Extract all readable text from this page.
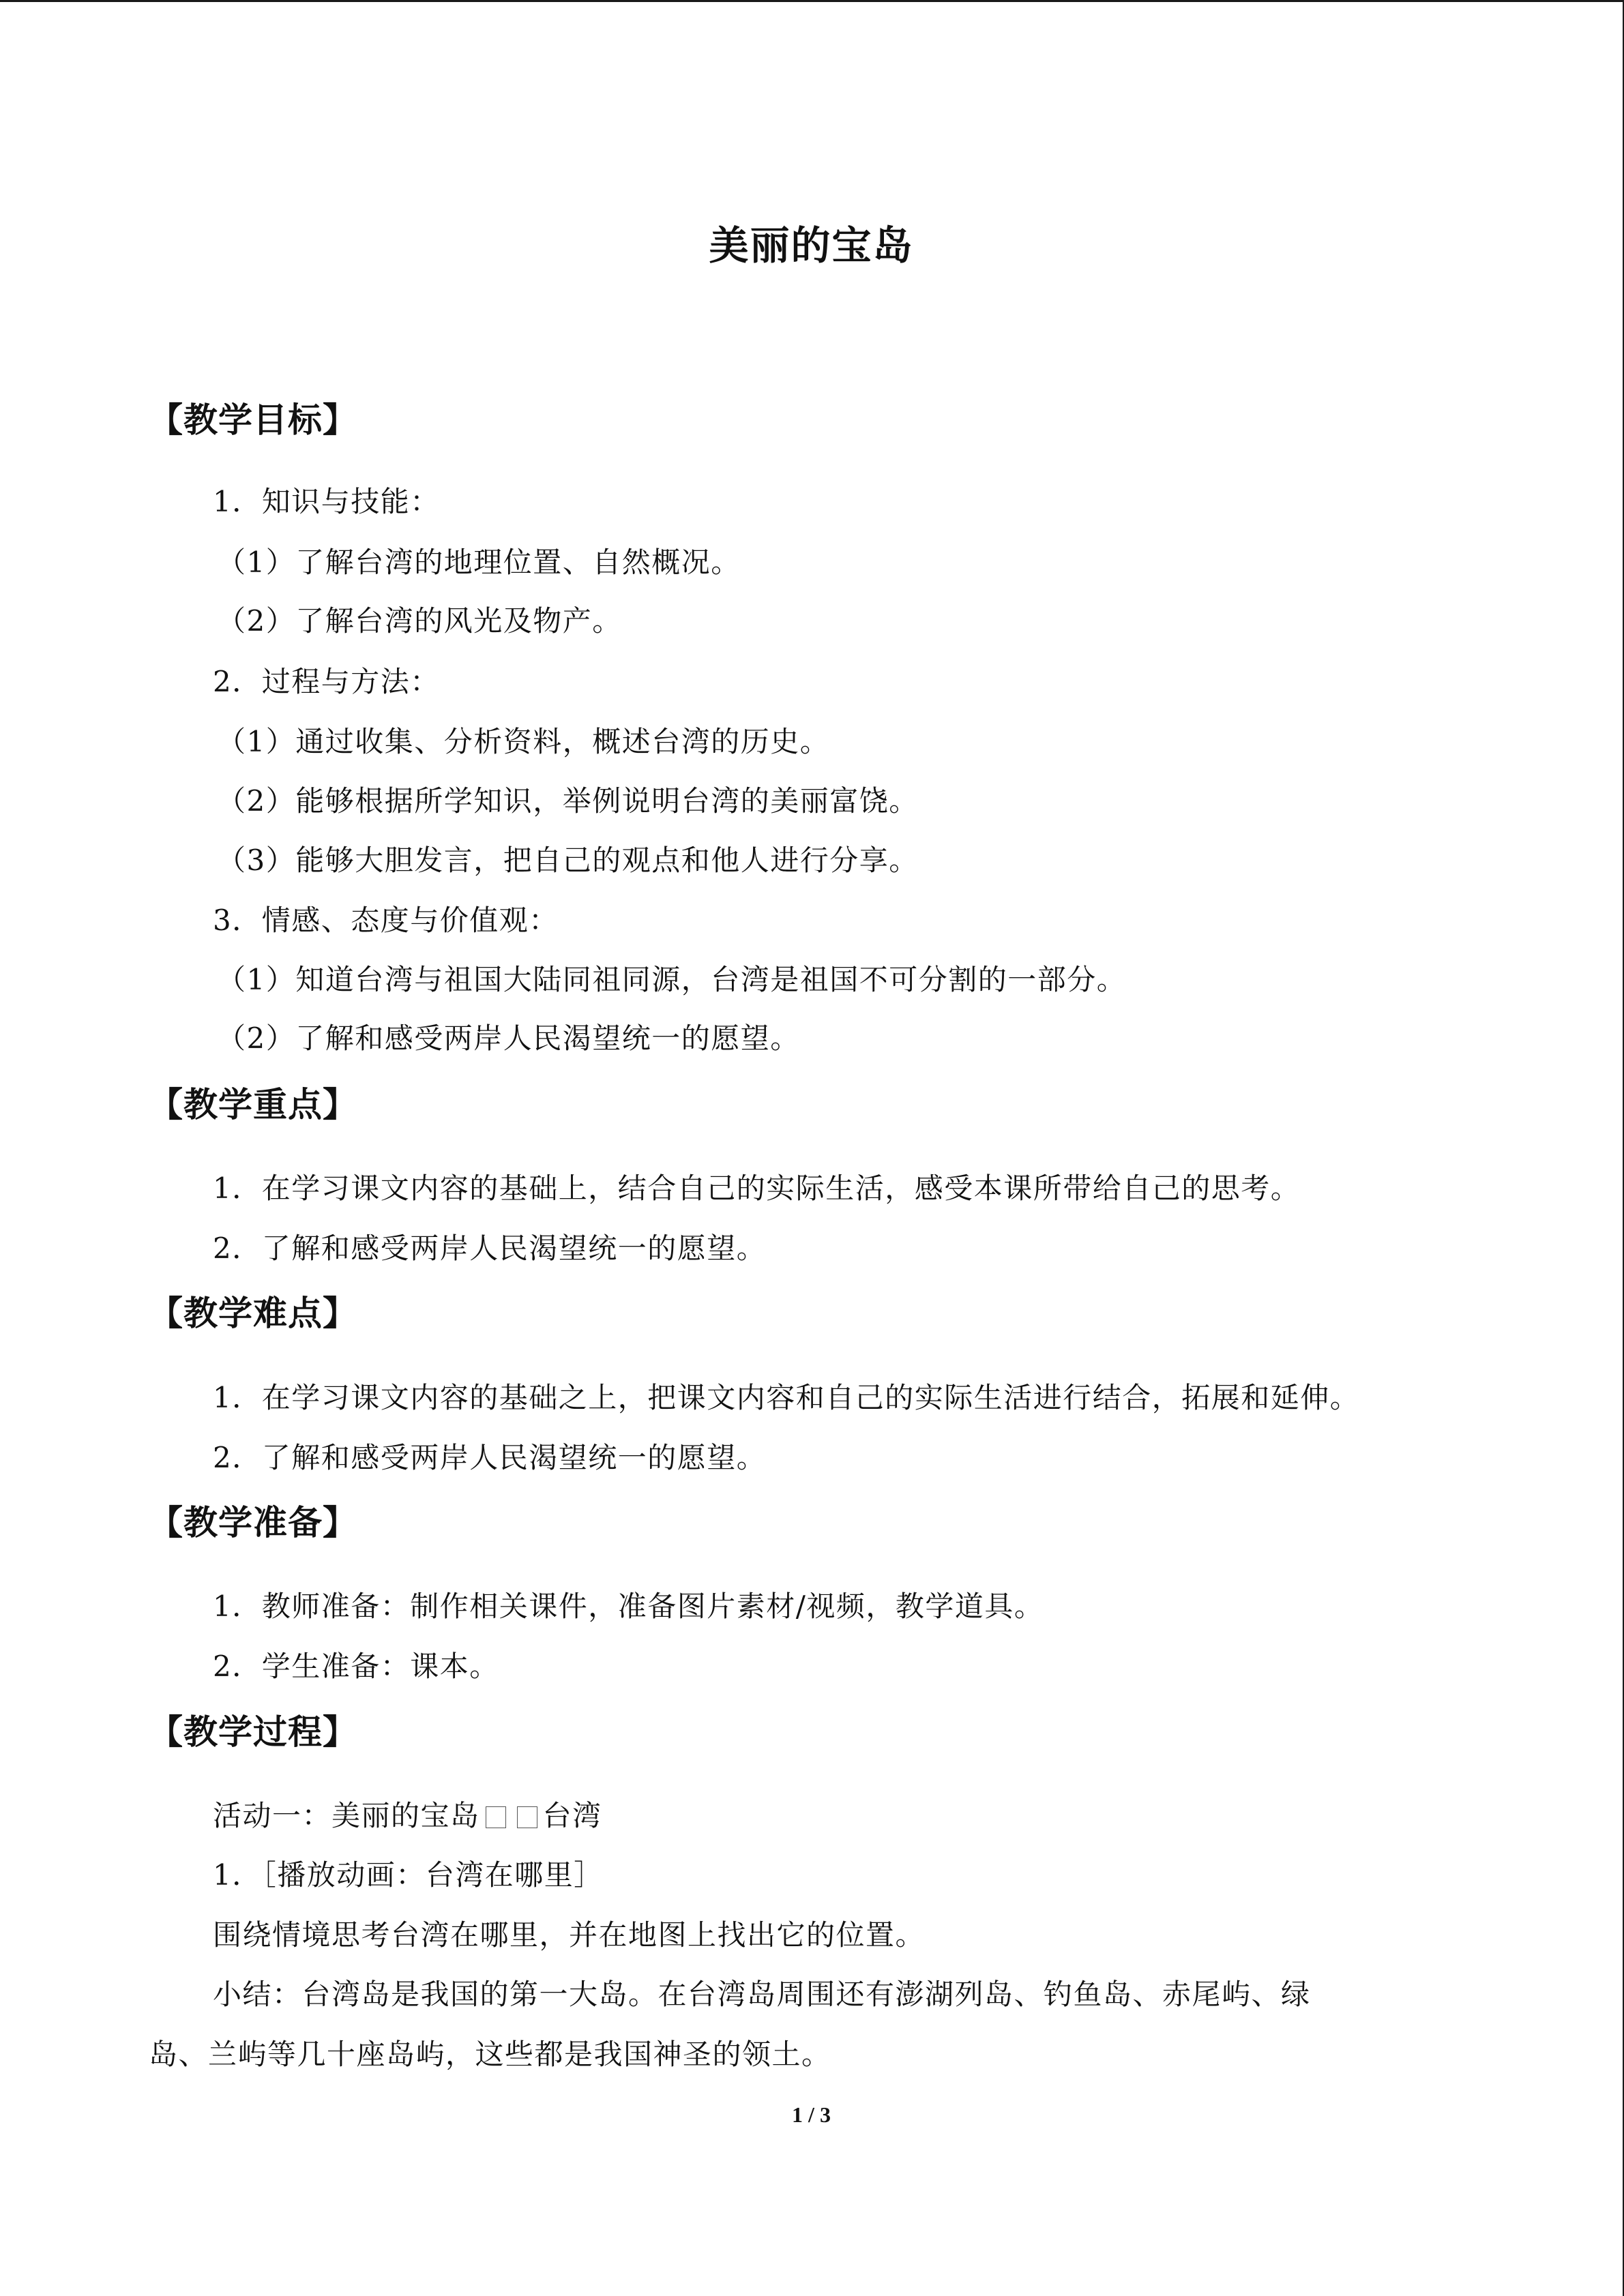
美丽的宝岛
【教学目标】
1．知识与技能：
（1）了解台湾的地理位置、自然概况。
（2）了解台湾的风光及物产。
2．过程与方法：
（1）通过收集、分析资料，概述台湾的历史。
（2）能够根据所学知识，举例说明台湾的美丽富饶。
（3）能够大胆发言，把自己的观点和他人进行分享。
3．情感、态度与价值观：
（1）知道台湾与祖国大陆同祖同源，台湾是祖国不可分割的一部分。
（2）了解和感受两岸人民渴望统一的愿望。
【教学重点】
1．在学习课文内容的基础上，结合自己的实际生活，感受本课所带给自己的思考。
2．了解和感受两岸人民渴望统一的愿望。
【教学难点】
1．在学习课文内容的基础之上，把课文内容和自己的实际生活进行结合，拓展和延伸。
2．了解和感受两岸人民渴望统一的愿望。
【教学准备】
1．教师准备：制作相关课件，准备图片素材/视频，教学道具。
2．学生准备：课本。
【教学过程】
活动一：美丽的宝岛 台湾
1．［播放动画：台湾在哪里］
围绕情境思考台湾在哪里，并在地图上找出它的位置。
小结：台湾岛是我国的第一大岛。在台湾岛周围还有澎湖列岛、钓鱼岛、赤尾屿、绿
岛、兰屿等几十座岛屿，这些都是我国神圣的领土。
1 / 3
